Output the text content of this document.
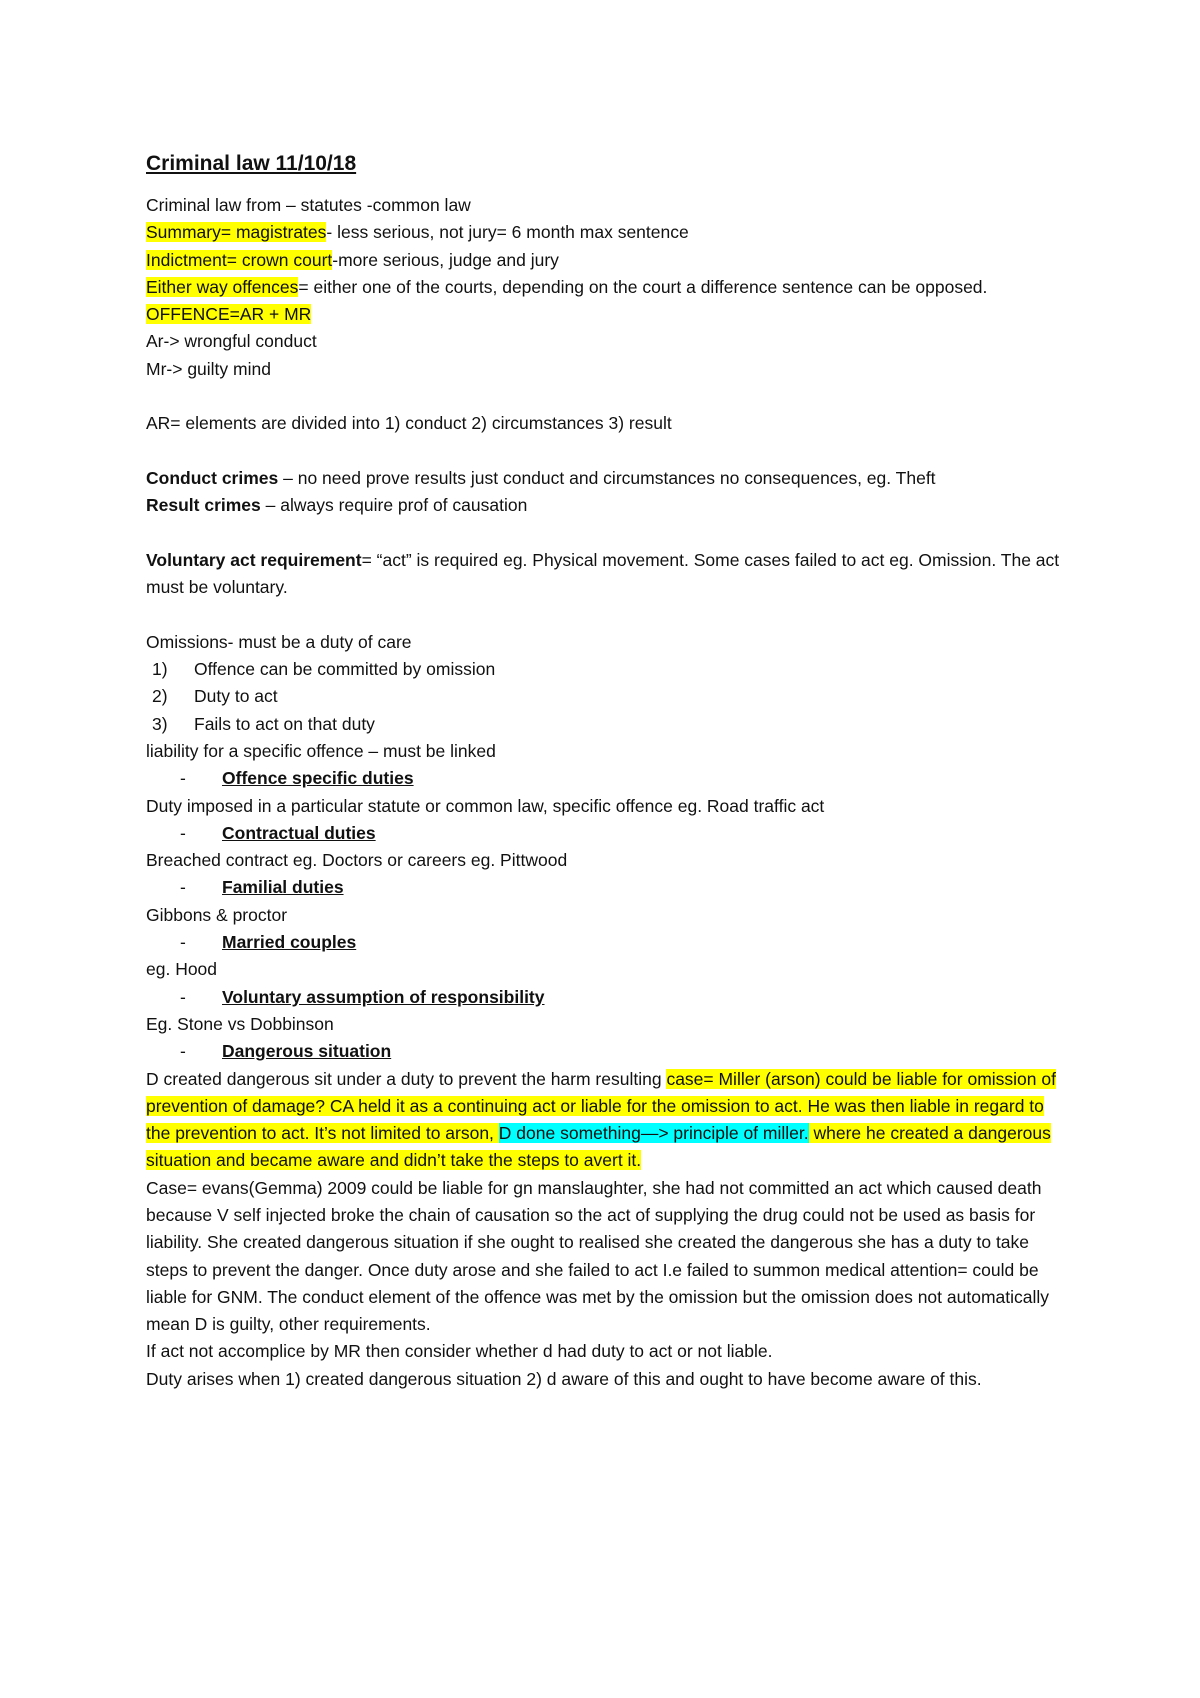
Criminal law 11/10/18
Criminal law from – statutes -common law
Summary= magistrates- less serious, not jury= 6 month max sentence
Indictment= crown court-more serious, judge and jury
Either way offences= either one of the courts, depending on the court a difference sentence can be opposed.
OFFENCE=AR + MR
Ar-> wrongful conduct
Mr-> guilty mind
AR= elements are divided into 1) conduct 2) circumstances 3) result
Conduct crimes – no need prove results just conduct and circumstances no consequences, eg. Theft
Result crimes – always require prof of causation
Voluntary act requirement= “act” is required eg. Physical movement. Some cases failed to act eg. Omission. The act must be voluntary.
Omissions- must be a duty of care
1) Offence can be committed by omission
2) Duty to act
3) Fails to act on that duty
liability for a specific offence – must be linked
- Offence specific duties
Duty imposed in a particular statute or common law, specific offence eg. Road traffic act
- Contractual duties
Breached contract eg. Doctors or careers eg. Pittwood
- Familial duties
Gibbons & proctor
- Married couples
eg. Hood
- Voluntary assumption of responsibility
Eg. Stone vs Dobbinson
- Dangerous situation
D created dangerous sit under a duty to prevent the harm resulting case= Miller (arson) could be liable for omission of prevention of damage? CA held it as a continuing act or liable for the omission to act. He was then liable in regard to the prevention to act. It’s not limited to arson, D done something—> principle of miller. where he created a dangerous situation and became aware and didn’t take the steps to avert it.
Case= evans(Gemma) 2009 could be liable for gn manslaughter, she had not committed an act which caused death because V self injected broke the chain of causation so the act of supplying the drug could not be used as basis for liability. She created dangerous situation if she ought to realised she created the dangerous she has a duty to take steps to prevent the danger. Once duty arose and she failed to act I.e failed to summon medical attention= could be liable for GNM. The conduct element of the offence was met by the omission but the omission does not automatically mean D is guilty, other requirements.
If act not accomplice by MR then consider whether d had duty to act or not liable.
Duty arises when 1) created dangerous situation 2) d aware of this and ought to have become aware of this.
